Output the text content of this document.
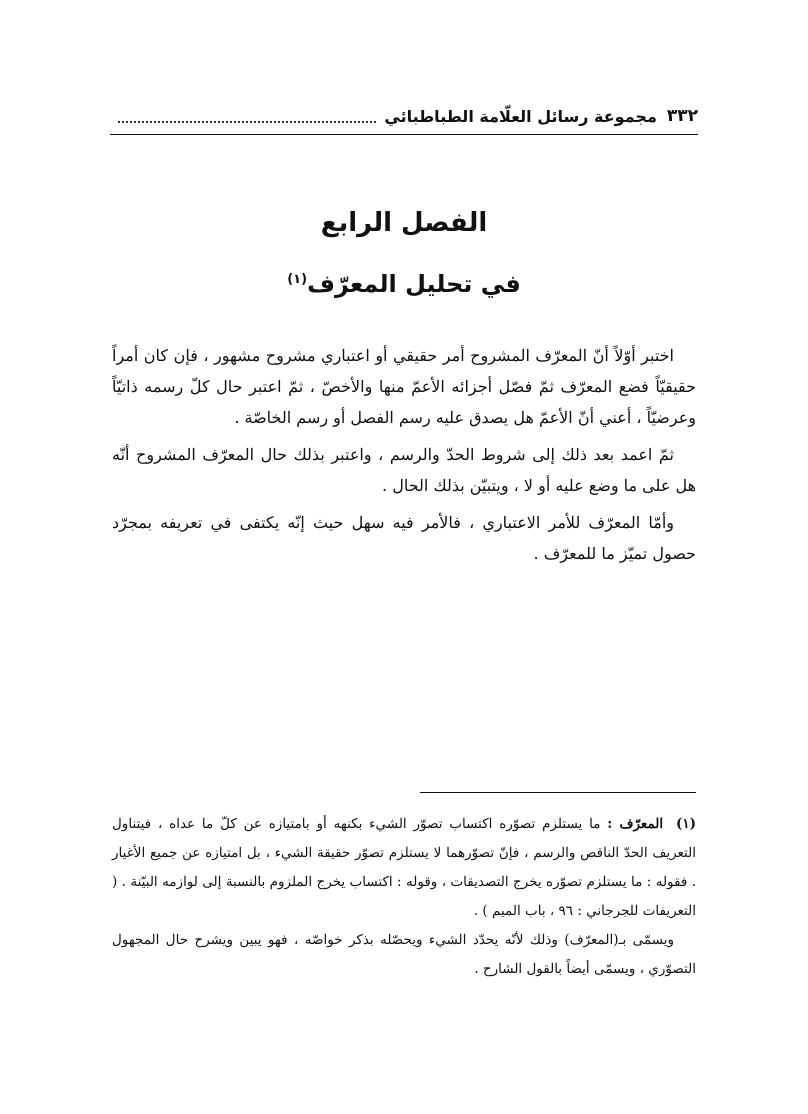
٣٣٢
مجموعة رسائل العلّامة الطباطبائي
الفصل الرابع
في تحليل المعرّف$^{(١)}$

اختبر أوّلاً أنّ المعرّف المشروح أمر حقيقي أو اعتباري مشروح مشهور ، فإن كان أمراً حقيقيّاً فضع المعرّف ثمّ فصّل أجزائه الأعمّ منها والأخصّ ، ثمّ اعتبر حال كلّ رسمه ذاتيّاً وعرضيّاً ، أعني أنّ الأعمّ هل يصدق عليه رسم الفصل أو رسم الخاصّة .

ثمّ اعمد بعد ذلك إلى شروط الحدّ والرسم ، واعتبر بذلك حال المعرّف المشروح أنّه هل على ما وضع عليه أو لا ، ويتبيّن بذلك الحال .

وأمّا المعرّف للأمر الاعتباري ، فالأمر فيه سهل حيث إنّه يكتفى في تعريفه بمجرّد حصول تميّز ما للمعرّف .

(١) المعرّف : ما يستلزم تصوّره اكتساب تصوّر الشيء بكنهه أو بامتيازه عن كلّ ما عداه ، فيتناول التعريف الحدّ الناقص والرسم ، فإنّ تصوّرهما لا يستلزم تصوّر حقيقة الشيء ، بل امتيازه عن جميع الأغيار . فقوله : ما يستلزم تصوّره يخرج التصديقات ، وقوله : اكتساب يخرج الملزوم بالنسبة إلى لوازمه البيّنة . ( التعريفات للجرجاني : ٩٦ ، باب الميم ) .

ويسمّى بـ(المعرّف) وذلك لأنّه يحدّد الشيء ويحصّله بذكر خواصّه ، فهو يبين ويشرح حال المجهول التصوّري ، ويسمّى أيضاً بالقول الشارح .
